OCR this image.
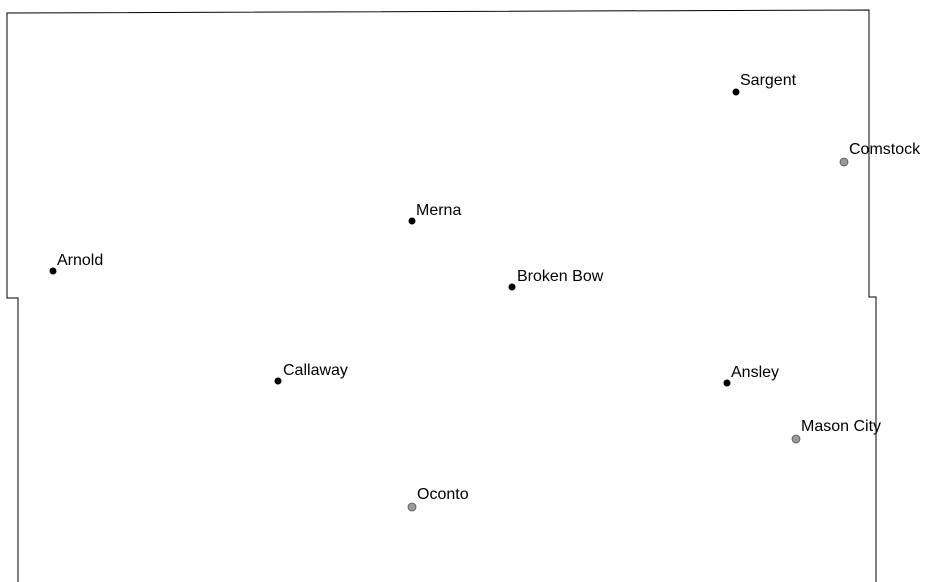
Sargent
Comstock
Merna
Arnold
Broken Bow
Callaway	Ansley
Mason City
Oconto
